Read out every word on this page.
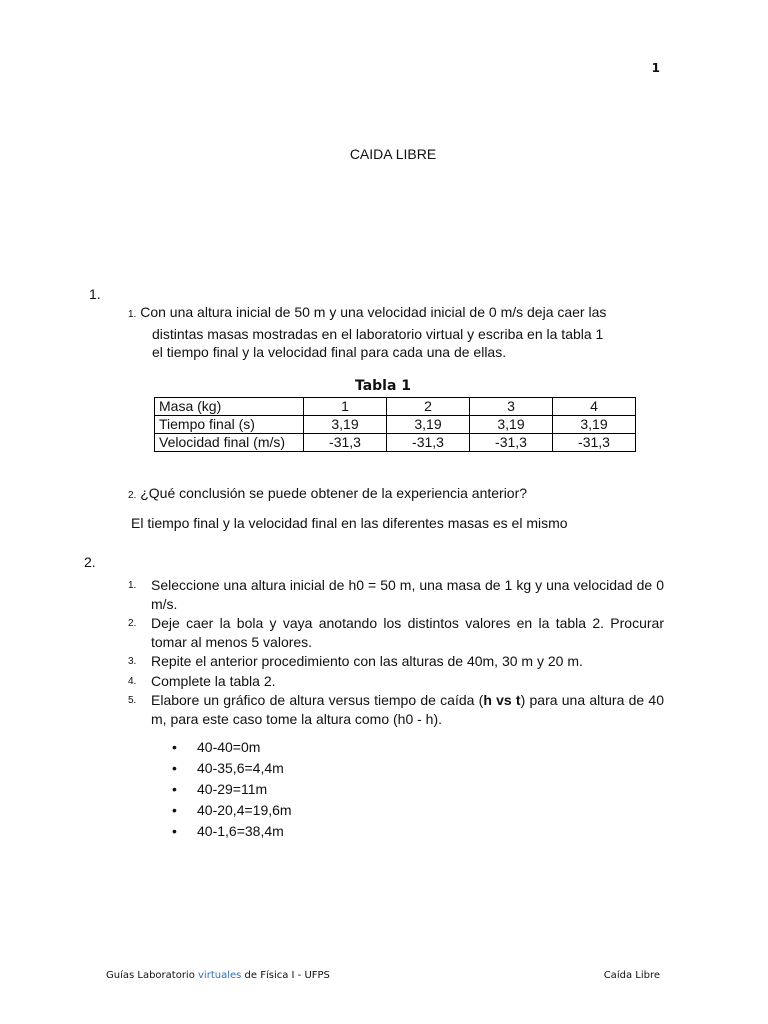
1
CAIDA LIBRE
1.
1. Con una altura inicial de 50 m y una velocidad inicial de 0 m/s deja caer las
distintas masas mostradas en el laboratorio virtual y escriba en la tabla 1
el tiempo final y la velocidad final para cada una de ellas.
Tabla 1
Masa (kg)	1	2	3	4
Tiempo final (s)	3,19	3,19	3,19	3,19
Velocidad final (m/s)	-31,3	-31,3	-31,3	-31,3
2. ¿Qué conclusión se puede obtener de la experiencia anterior?
El tiempo final y la velocidad final en las diferentes masas es el mismo
2.
1. Seleccione una altura inicial de h0 = 50 m, una masa de 1 kg y una velocidad de 0 m/s.
2. Deje caer la bola y vaya anotando los distintos valores en la tabla 2. Procurar tomar al menos 5 valores.
3. Repite el anterior procedimiento con las alturas de 40m, 30 m y 20 m.
4. Complete la tabla 2.
5. Elabore un gráfico de altura versus tiempo de caída (h vs t) para una altura de 40 m, para este caso tome la altura como (h0 - h).
• 40-40=0m
• 40-35,6=4,4m
• 40-29=11m
• 40-20,4=19,6m
• 40-1,6=38,4m
Guías Laboratorio virtuales de Física I - UFPS	Caída Libre
